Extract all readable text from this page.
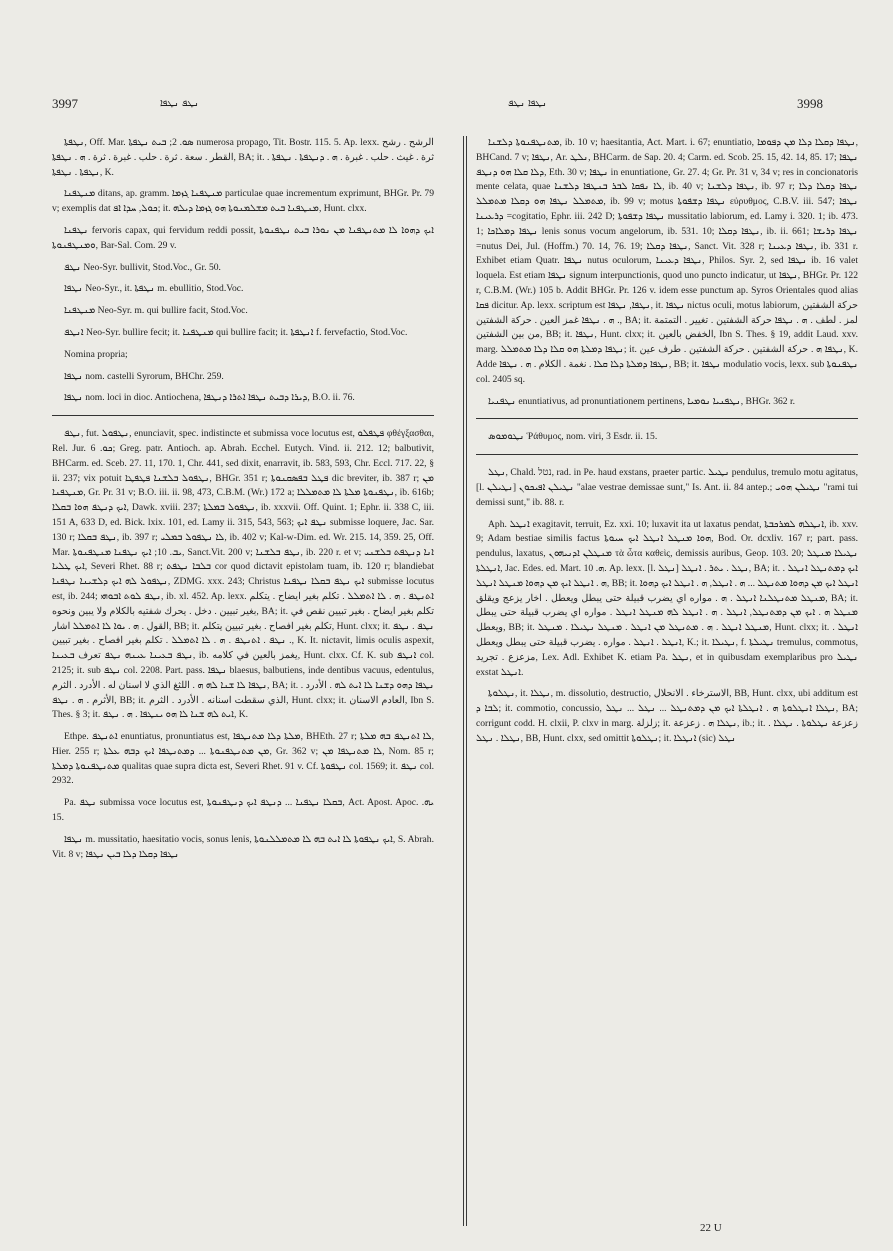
3997	ܢܛܦ ܢܛܦܐ	ܢܛܦܐ ܢܛܦ	3998

ܢܛܦܬܐ, Off. Mar. ܣܘ. 2; ܒܝܬ ܢܛܦܬܐ numerosa propago, Tit. Bostr. 115. 5. Ap. lexx. الرشح . رشح القطر . سعة . ثرة . حلب . غبرة . ثرة . ܗ . ܢܛܦܬܐ, BA; it. ثرة . غيث . حلب . غبرة . ܗ . ܕܢܛܦܬܐ . ܢܛܦܬܐ . ܢܛܦܬܐ . ܢܛܦܬܐ, K.

ܡܢܛܦܢܐ ditans, ap. gramm. ܡܢܛܦܢܐ ܓܙܡܐ particulae quae incrementum exprimunt, BHGr. Pr. 79 v; exemplis dat ܟܘܠ, ܚܕܐ ܐܦ; it. ܡܢܛܦܢܐ ܒܝܬ ܡܫܠܡܢܘܬܐ ܗܘ ܓܙܡܐ ܕܝܠܗ, Hunt. clxx.

ܢܛܦܢܐ fervoris capax, qui fervidum reddi possit, ܐܝܟ ܕܗܘܐ ܠܐ ܡܬܢܛܦܢܐ ܡܢ ܢܘܪܐ ܒܝܬ ܢܛܦܢܘܬܐ ܘܡܢܛܦܢܘܬܐ, Bar-Sal. Com. 29 v.

ܢܛܦ Neo-Syr. bullivit, Stod.Voc., Gr. 50.

ܢܛܦܐ Neo-Syr., it. ܢܛܦܬܐ m. ebullitio, Stod.Voc.

ܡܢܛܦܢܐ Neo-Syr. m. qui bullire facit, Stod.Voc.

ܐܢܛܦ Neo-Syr. bullire fecit; it. ܡܢܛܦܢܐ qui bullire facit; it. ܐܢܛܦܬܐ f. fervefactio, Stod.Voc.

Nomina propria;

ܢܛܦܐ nom. castelli Syrorum, BHChr. 259.

ܢܛܦܐ nom. loci in dioc. Antiochena, ܕܝܪܐ ܕܒܝܬ ܢܛܦܐ ܐܬܪܐ ܕܢܛܦܐ, B.O. ii. 76.

ܢܛܦ, fut. ܢܛܦܘܠ, enunciavit, spec. indistincte et submissa voce locutus est, ܦܛܦܠܘ φθέγξασθαι, Rel. Jur. ܟܘ. 6; Greg. patr. Antioch. ap. Abrah. Ecchel. Eutych. Vind. ii. 212. 12; balbutivit, BHCarm. ed. Sceb. 27. 11, 170. 1, Chr. 441, sed dixit, enarravit, ib. 583, 593, Chr. Eccl. 717. 22, § ii. 237; vix potuit ܢܛܦܘܠ ܒܠܫܢܐ ܦܛܦܛܐ, BHGr. 351 r; ܦܛܠ ܒܦܣܩܢܘܬܐ dic breviter, ib. 387 r; ܡܢ ܡܢܛܦܢܐ, Gr. Pr. 31 v; B.O. iii. ii. 98, 473, C.B.M. (Wr.) 172 a; ܢܛܦܢܘܬܐ ܡܠܬܐ ܠܐ ܡܬܡܠܠܐ, ib. 616b; ܐܝܟ ܕܢܛܦ ܗܘܐ ܒܩܠܐ, Dawk. xviii. 237; ܢܛܦܘܠ ܒܡܠܬܐ, ib. xxxvii. Off. Quint. 1; Ephr. ii. 338 C, iii. 151 A, 633 D, ed. Bick. lxix. 101, ed. Lamy ii. 315, 543, 563; ܢܛܦ ܐܝܟ submisse loquere, Jac. Sar. 130 r; ܢܛܦ ܒܩܠܐ, ib. 397 r; ܠܐ ܢܛܦܘܠ ܒܡܠܝ, ib. 402 v; Kal-w-Dim. ed. Wr. 215. 14, 359. 25, Off. Mar. ܝܒ. 10; ܐܝܟ ܢܛܦܢܐ ܡܢܛܦܢܘܬܐ, Sanct.Vit. 200 v; ܢܛܦ ܒܠܫܢܐ, ib. 220 r. et v; ܐܢܐ ܕܢܛܦܬ ܒܠܫܢܝ ܐܝܟ ܛܠܝܐ, Severi Rhet. 88 r; ܒܠܒܐ ܢܛܦܬ cor quod dictavit epistolam tuam, ib. 120 r; blandiebat ܢܛܦܘܠ ܠܗ ܐܝܟ ܕܠܫܝܢܐ ܢܛܦܢܐ, ZDMG. xxx. 243; Christus ܐܝܟ ܢܛܦ ܒܩܠܐ ܢܛܦܢܐ submisse locutus est, ib. 244; ܢܛܦ ܠܘܬ ܐܒܘܗܝ, ib. xl. 452. Ap. lexx. ܐܬܢܛܦ . ܗ . ܠܐ ܐܬܡܠܠ . تكلم بغير ايضاح . يتكلم بغير تبيين . دخل . يحرك شفتيه بالكلام ولا يبين ونحوه, BA; it. تكلم بغير ايضاح . بغير تبيين نقص في القول . ܗ . ܝܘܐ ܠܐ ܐܬܡܠܠ اشار, BB; it. تكلم بغير افصاح . بغير تبيين يتكلم, Hunt. clxx; it. ܢܛܦ . ܢܛܦ . ܢܛܦ . ܐܬܢܛܦ . ܗ . ܠܐ ܐܬܡܠܠ . تكلم بغير افصاح . بغير تبيين, K. It. nictavit, limis oculis aspexit, ܢܛܦ ܒܥܝܢܐ ܥܝܢܗ ܢܛܦ تعرف ܒܥܝܢܐ, ib. يغمز بالعين في كلامه, Hunt. clxx. Cf. K. sub ܐܢܛܦ col. 2125; it. sub ܢܛܦ col. 2208. Part. pass. ܢܛܦܐ blaesus, balbutiens, inde dentibus vacuus, edentulus, ܢܛܦܐ ܠܐ ܫܢܐ ܠܗ ܗ . اللثغ الذي لا اسنان له . الأدرد . الثرم, BA; it. ܢܛܦܐ ܕܗܘ ܕܫܢܐ ܠܐ ܐܝܬ ܠܗ . الأدرد . الأثرم . ܗ . ܢܛܦ, BB; it. الذي سقطت اسنانه . الأدرد . الثرم, Hunt. clxx; it. العادم الاسنان, Ibn S. Thes. § 3; it. ܐܝܬ ܠܗ ܫܢܐ ܠܐ ܗܘ ܝܢܛܦܐ . ܗ . ܢܛܦ, K.

Ethpe. ܐܬܢܛܦ enuntiatus, pronuntiatus est, ܡܠܬܐ ܕܠܐ ܡܬܢܛܦܐ, BHEth. 27 r; ܠܐ ܐܬܢܛܦ ܒܗ ܡܠܬܐ, Hier. 255 r; ܡܢ ܡܬܢܛܦܢܘܬܐ ... ܕܡܬܢܛܦܐ ܐܝܟ ܕܒܗ ܥܠܬܐ, Gr. 362 v; ܠܐ ܡܬܢܛܦܐ ܡܢ, Nom. 85 r; ܡܬܢܛܦܢܘܬܐ ܕܡܠܬܐ qualitas quae supra dicta est, Severi Rhet. 91 v. Cf. ܢܛܦܘܬܐ col. 1569; it. ܢܛܦ col. 2932.

Pa. ܢܛܦ submissa voce locutus est, ܒܩܠܐ ܢܛܦܢܐ ... ܕܢܛܦ ܐܝܟ ܕܢܛܦܢܘܬܐ, Act. Apost. Apoc. ܝܗ. 15.

ܢܛܦܐ m. mussitatio, haesitatio vocis, sonus lenis, ܐܝܟ ܢܛܦܘܬܐ ܠܐ ܐܝܬ ܒܗ ܠܐ ܡܬܡܠܠܢܘܬܐ, S. Abrah. Vit. 8 v; ܢܛܦܐ ܕܩܠܐ ܕܠܐ ܒܝܢ ܢܛܦܐ

ܡܬܢܛܦܢܘܬܐ ܕܠܫܢܐ, ib. 10 v; haesitantia, Act. Mart. i. 67; enuntiatio, ܢܛܦܐ ܕܩܠܐ ܕܠܐ ܡܢ ܕܦܘܡܐ, BHCand. 7 v; ܢܛܦܐ, Ar. ܢܠܛ, BHCarm. de Sap. 20. 4; Carm. ed. Scob. 25. 15, 42. 14, 85. 17; ܢܛܦܐ ܕܠܐ ܩܠܐ ܗܘ ܕܢܛܦ, Eth. 30 v; ܢܛܦܐ in enuntiatione, Gr. 27. 4; Gr. Pr. 31 v, 34 v; res in concionatoris mente celata, quae ܠܐ ܢܦܩܐ ܠܒܪ ܒܢܛܦܐ ܕܠܫܢܐ, ib. 40 v; ܢܛܦܐ ܕܠܫܢܐ, ib. 97 r; ܢܛܦܐ ܕܩܠܐ ܕܠܐ ܡܬܡܠܠ ܢܛܦܐ ܗܘ ܕܩܠܐ ܡܬܡܠܠ, ib. 99 v; motus ܢܛܦܐ ܕܫܦܘܬܐ εὐρυθμος, C.B.V. iii. 547; ܢܛܦܐ ܕܪܥܝܢܐ =cogitatio, Ephr. iii. 242 D; ܢܛܦܐ ܕܫܦܘܬܐ mussitatio labiorum, ed. Lamy i. 320. 1; ib. 473. 1; ܢܛܦܐ ܕܡܠܐܟܐ lenis sonus vocum angelorum, ib. 531. 10; ܢܛܦܐ ܕܩܠܐ, ib. ii. 661; ܢܛܦܐ ܕܪܝܫܐ =nutus Dei, Jul. (Hoffm.) 70. 14, 76. 19; ܢܛܦܐ ܕܩܠܐ, Sanct. Vit. 328 r; ܢܛܦܐ ܕܥܝܢܐ, ib. 331 r. Exhibet etiam Quatr. ܢܛܦܐ nutus oculorum, ܢܛܦܐ ܕܥܝܢܐ, Philos. Syr. 2, sed ܢܛܦܐ ib. 16 valet loquela. Est etiam ܢܛܦܐ signum interpunctionis, quod uno puncto indicatur, ut ܢܛܦܐ, BHGr. Pr. 122 r, C.B.M. (Wr.) 105 b. Addit BHGr. Pr. 126 v. idem esse punctum ap. Syros Orientales quod alias ܦܩܐ dicitur. Ap. lexx. scriptum est ܢܛܦܐ, ܢܛܦܐ, it. ܢܛܦܐ nictus oculi, motus labiorum, حركة الشفتين . ܗ . ܢܛܦܐ غمز العين . حركة الشفتين, BA; it. لمز . لطف . ܗ . ܢܛܦܐ حركة الشفتين . تغيير . التمتمة من بين الشفتين, BB; it. ܢܛܦܐ, Hunt. clxx; it. الخفض بالعين, Ibn S. Thes. § 19, addit Laud. xxv. marg. ܢܛܦܐ ܕܡܠܬܐ ܗܘ ܩܠܐ ܕܠܐ ܡܬܡܠܠ; it. ܢܛܦܐ ܗ . حركة الشفتين . حركة الشفتين . طرف عين, K. Adde ܢܛܦܐ ܕܡܠܬܐ ܕܠܐ ܩܠܐ . نغمة . الكلام . ܗ . ܢܛܦܐ, BB; it. ܢܛܦܐ modulatio vocis, lexx. sub ܢܛܦܢܘܬܐ col. 2405 sq.

ܢܛܦܢܝܐ enuntiativus, ad pronuntiationem pertinens, ܢܛܦܢܝܐ ܢܘܡܝܐ, BHGr. 362 r.

ܢܛܘܡܘܣ Ῥάθυμος, nom. viri, 3 Esdr. ii. 15.

ܢܛܠ, Chald. נטל, rad. in Pe. haud exstans, praeter partic. ܢܛܝܠ pendulus, tremulo motu agitatus, [l. ܢܛܝܠܢ] ܢܛܝܠܢ ܐܦܝܟܘܢ "alae vestrae demissae sunt," Is. Ant. ii. 84 antep.; ܢܛܝܠܢ ܗܘܝ "rami tui demissi sunt," ib. 88. r.

Aph. ܐܢܛܠ exagitavit, terruit, Ez. xxi. 10; luxavit ita ut laxatus pendat, ܐܢܛܠܗ ܠܡܪܟܒܬܐ, ib. xxv. 9; Adam bestiae similis factus ܗܘܐ ܡܢܛܠ ܐܢܛܠ ܐܝܟ ܚܝܘܬܐ, Bod. Or. dcxliv. 167 r; part. pass. pendulus, laxatus, ܡܢܛܠܢ ܐܕܢܝܗܘܢ τὰ ὦτα καθεὶς, demissis auribus, Geop. 103. 20; ܢܛܝܠܐ ܡܢܛܠ ܐܢܛܠܬܐ, Jac. Edes. ed. Mart. ܗ. 10. Ap. lexx. [l. ܢܛܠ] ܢܛܠ . ܝܬܪ . ܐܢܛܠ, BA; it. ܐܝܟ ܕܡܬܢܛܠ ܐܢܛܠ . ܗ . ܐܢܛܠ ܐܝܟ ܡܢ ܕܗܘܐ ܡܢܛܠ ܐܢܛܠ, BB; it. ܐܢܛܠ ܐܝܟ ܡܢ ܕܗܘܐ ܡܬܢܛܠ ... ܗ . ܐܢܛܠ, ܗ . ܐܢܛܠ ܐܝܟ ܕܗܘܐ ܡܢܛܠ ܡܬܢܛܠܢܐ ܐܢܛܠ . ܗ . مواره اي يضرب قبيلة حتى يبطل ويعطل . اخار يزعج ويقلق, BA; it. ܡܢܛܠ ܗ . ܐܝܟ ܡܢ ܕܡܬܢܛܠ, ܐܢܛܠ . ܗ . ܐܢܛܠ ܠܗ ܡܢܛܠ ܐܢܛܠ . مواره اي يضرب قبيلة حتى يبطل ويعطل, BB; it. ܡܢܛܠ ܐܢܛܠ . ܗ . ܡܬܢܛܠ ܡܢ ܐܢܛܠ . ܡܢܛܠ ܢܛܝܠܐ . ܡܢܛܠ, Hunt. clxx; it. ܐܢܛܠ . ܐܢܛܠ . ܐܢܛܠ . مواره . يضرب قبيلة حتى يبطل ويعطل, K.; it. ܢܛܝܠܐ, f. ܢܛܝܠܬܐ tremulus, commotus, مزعزع . تجريد, Lex. Adl. Exhibet K. etiam Pa. ܢܛܠ, et in quibusdam exemplaribus pro ܢܛܝܠ exstat ܐܢܛܠ.

ܢܛܠܘܬܐ, it. ܢܛܠܐ, m. dissolutio, destructio, الاسترخاء . الانحلال, BB, Hunt. clxx, ubi additum est ܠܒܐ ܕ; it. commotio, concussio, ܢܛܠܐ ܐܢܛܠܘܬܐ ܗ . ܐܢܛܠܬܐ ܐܝܟ ܡܢ ܕܡܬܢܛܠ ... ܢܛܠ ... ܢܛܠ, BA; corrigunt codd. H. clxii, P. clxv in marg. زلزلة; it. ܢܛܠܐ ܗ . زعزعة, ib.; it. زعزعة ܢܛܠܘܬܐ . ܢܛܠܐ . ܢܛܠܐ . ܢܛܠ, BB, Hunt. clxx, sed omittit ܢܛܠܘܬܐ; it. ܐܢܛܠܐ (sic) ܢܛܠ

22 U
